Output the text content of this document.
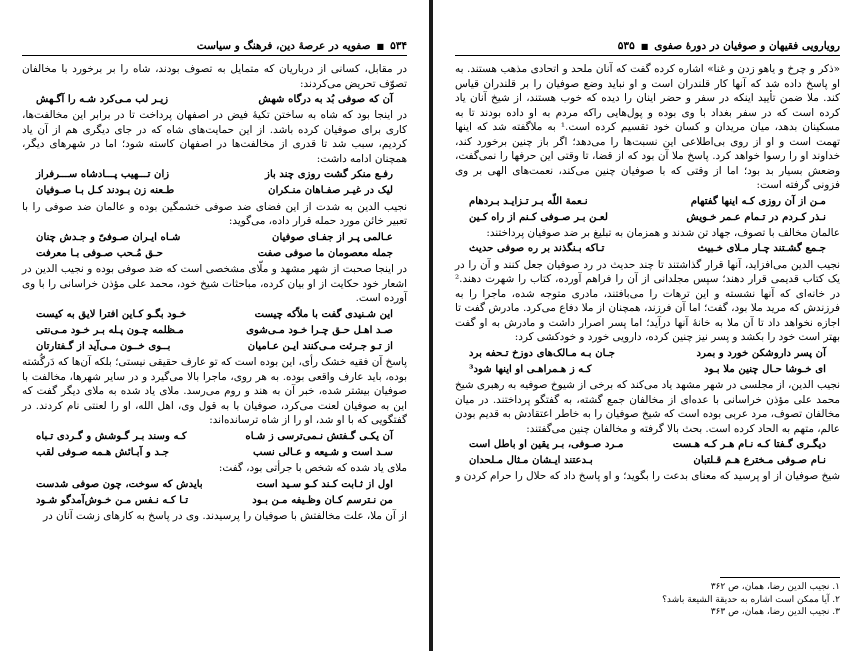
۵۳۴
■
صفویه در عرصهٔ دین، فرهنگ و سیاست

در مقابل، کسانی از درباریان که متمایل به تصوف بودند، شاه را بر برخورد با مخالفان تصوّف تحریض می‌کردند:

آن که صوفی بُد به درگاه شهش
زیـر لب مـی‌کرد شـه را آگـهش

در اینجا بود که شاه به ساختن تکیهٔ فیض در اصفهان پرداخت تا در برابر این مخالفت‌ها، کاری برای صوفیان کرده باشد. از این حمایت‌های شاه که در جای دیگری هم از آن یاد کردیم، سبب شد تا قدری از مخالفت‌ها در اصفهان کاسته شود؛ اما در شهرهای دیگر، همچنان ادامه داشت:

رفـع منکر گشت روزی چند باز
زان تـــهیب پـــادشاه ســـرفراز
لیک در غیـر صفـاهان منـکران
طـعنه زن بـودند کـل بـا صـوفیان

نجیب الدین به شدت از این فضای ضد صوفی خشمگین بوده و عالمان ضد صوفی را با تعبیر خائن مورد حمله قرار داده، می‌گوید:

عـالمی پـر از جفـای صوفیان
شـاه ایـران صـوفیّ و جـدش چنان
جمله معصومان ما صوفی صفت
حـق مُـحب صـوفی بـا معرفت

در اینجا صحبت از شهر مشهد و ملّای مشخصی است که ضد صوفی بوده و نجیب الدین در اشعار خود حکایت از او بیان کرده، مباحثات شیخ خود، محمد علی مؤذن خراسانی را با وی آورده است.

این شـنیدی گفت با ملاّکه چیست
خـود بگـو کـاین افترا لایق به کیست
صـد اهـل حـق چـرا خـود مـی‌شوی
مـظلمه چـون پـله بـر خـود مـی‌نتی
از تـو جـرئت مـی‌کنند ایـن عـامیان
بــوی خــون مـی‌آید از گـفتارتان

پاسخ آن فقیه خشک رأی، این بوده است که تو عارف حقیقی نیستی؛ بلکه آن‌ها که دَرگُشته بوده، باید عارف واقعی بوده. به هر روی، ماجرا بالا می‌گیرد و در سایر شهرها، مخالفت با صوفیان بیشتر شده، خبر آن به هند و روم می‌رسد. ملای یاد شده به ملای دیگر گفت که این به صوفیان لعنت می‌کرد، صوفیان با به قول وی، اهل الله، او را لعنتی نام کردند. در گفتگویی که با او شد، او را از شاه ترسانده‌اند:

آن یکـی گـفتش نـمی‌ترسی ز شـاه
کـه وسند بـر گـوشش و گـردی تـباه
سـد است و شـیعه و عـالی نسب
جـد و آبـائش هـمه صـوفی لقب

ملای یاد شده که شخص با جرأتی بود، گفت:

اول از ثـابت کـند کـو سـید است
بایدش که سوخت، چون صوفی شدست
من نـترسم کـان وظـیفه مـن بـود
تـا کـه نـفس مـن خـوش‌آمدگو شـود

از آن ملا، علت مخالفتش با صوفیان را پرسیدند. وی در پاسخ به کارهای زشت آنان در

رویارویی فقیهان و صوفیان در دورهٔ صفوی
■
۵۳۵

«ذکر و چرخ و یاهو زدن و غنا» اشاره کرده گفت که آنان ملحد و اتحادی مذهب هستند. به او پاسخ داده شد که آنها کار قلندران است و او نباید وضع صوفیان را بر قلندران قیاس کند. ملا ضمن تأیید اینکه در سفر و حضر اینان را دیده که خوب هستند، از شیخ آنان یاد کرده است که در سفر بغداد با وی بوده و پول‌هایی راکه مردم به او داده بودند تا به مسکینان بدهد، میان مریدان و کسان خود تقسیم کرده است.¹ به ملاگفته شد که اینها تهمت است و او از روی بی‌اطلاعی این نسبت‌ها را می‌دهد؛ اگر باز چنین برخورد کند، خداوند او را رسوا خواهد کرد. پاسخ ملا آن بود که از قضا، تا وقتی این حرفها را نمی‌گفت، وضعش بسیار بد بود؛ اما از وقتی که با صوفیان چنین می‌کند، نعمت‌های الهی بر وی فزونی گرفته است:

مـن از آن روزی کـه اینها گفتهام
نـعمة اللّه بـر تـزایـد بـردهام
نـذر کـردم در تـمام عـمر خـویش
لعـن بـر صـوفی کـنم از راه کـین

عالمان مخالف با تصوف، جهاد تن شدند و همزمان به تبلیغ بر ضد صوفیان پرداختند:

جـمع گشـتند چـار مـلای خـبیث
تـاکه بـنگذند بر ره صوفی حدیث

نجیب الدین می‌افزاید، آنها قرار گذاشتند تا چند حدیث در رد صوفیان جعل کنند و آن را در یک کتاب قدیمی قرار دهند؛ سپس مجلدانی از آن را فراهم آورده، کتاب را شهرت دهند.² در خانه‌ای که آنها نشسته و این ترهات را می‌بافتند، مادری متوجه شده، ماجرا را به فرزندش که مرید ملا بود، گفت؛ اما آن فرزند، همچنان از ملا دفاع می‌کرد. مادرش گفت تا اجازه نخواهد داد تا آن ملا به خانهٔ آنها درآید؛ اما پسر اصرار داشت و مادرش به او گفت بهتر است خود را بکشد و پسر نیز چنین کرده، دارویی خورد و خودکشی کرد:

آن پسر داروشکن خورد و بمرد
جـان بـه مـالک‌های دوزخ تـحفه برد
ای خـوشا حـال چنین ملا بـود
کـه ز هـمراهـی او اینها شود³

نجیب الدین، از مجلسی در شهر مشهد یاد می‌کند که برخی از شیوخ صوفیه به رهبری شیخ محمد علی مؤذن خراسانی با عده‌ای از مخالفان جمع گشته، به گفتگو پرداختند. در میان مخالفان تصوف، مرد عربی بوده است که شیخ صوفیان را به خاطر اعتقادش به قدیم بودن عالم، متهم به الحاد کرده است. بحث بالا گرفته و مخالفان چنین می‌گفتند:

دیگـری گـفتا کـه نـام هـر کـه هـست
مـرد صـوفی، بـر یقین او باطل است
نـام صـوفی مـخترع هـم قـلتبان
بـدعتند ایـشان مـثال مـلحدان

شیخ صوفیان از او پرسید که معنای بدعت را بگوید؛ و او پاسخ داد که حلال را حرام کردن و

۱. نجیب الدین رضا، همان، ص ۳۶۲

۲. آیا ممکن است اشاره به حدیقة الشیعة باشد؟

۳. نجیب الدین رضا، همان، ص ۳۶۳
